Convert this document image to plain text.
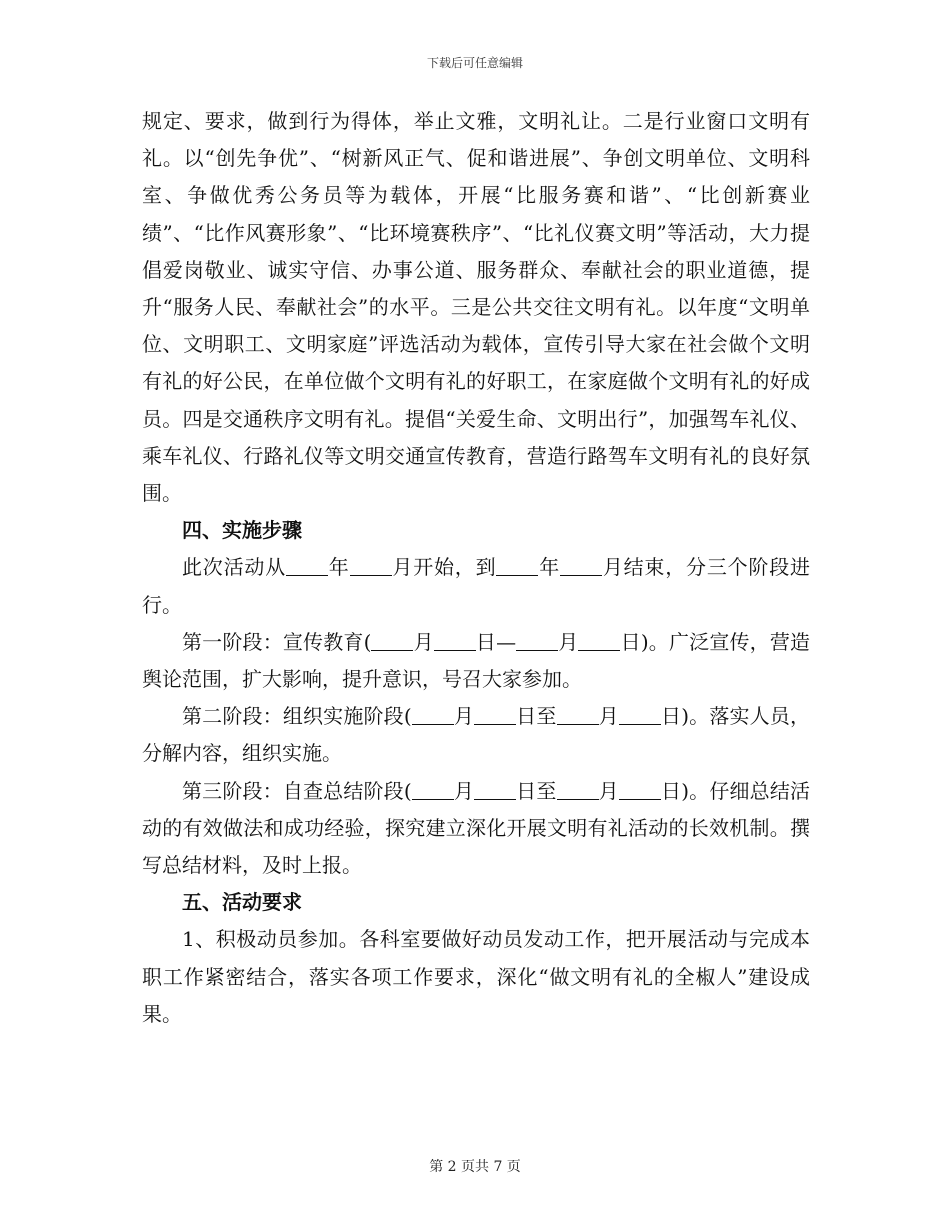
下载后可任意编辑

规定、要求，做到行为得体，举止文雅，文明礼让。二是行业窗口文明有礼。以“创先争优”、“树新风正气、促和谐进展”、争创文明单位、文明科室、争做优秀公务员等为载体，开展“比服务赛和谐”、“比创新赛业绩”、“比作风赛形象”、“比环境赛秩序”、“比礼仪赛文明”等活动，大力提倡爱岗敬业、诚实守信、办事公道、服务群众、奉献社会的职业道德，提升“服务人民、奉献社会”的水平。三是公共交往文明有礼。以年度“文明单位、文明职工、文明家庭”评选活动为载体，宣传引导大家在社会做个文明有礼的好公民，在单位做个文明有礼的好职工，在家庭做个文明有礼的好成员。四是交通秩序文明有礼。提倡“关爱生命、文明出行”，加强驾车礼仪、乘车礼仪、行路礼仪等文明交通宣传教育，营造行路驾车文明有礼的良好氛围。

四、实施步骤

此次活动从 年 月开始，到 年 月结束，分三个阶段进行。

第一阶段：宣传教育( 月 日— 月 日)。广泛宣传，营造舆论范围，扩大影响，提升意识，号召大家参加。

第二阶段：组织实施阶段( 月 日至 月 日)。落实人员，分解内容，组织实施。

第三阶段：自查总结阶段( 月 日至 月 日)。仔细总结活动的有效做法和成功经验，探究建立深化开展文明有礼活动的长效机制。撰写总结材料，及时上报。

五、活动要求

1、积极动员参加。各科室要做好动员发动工作，把开展活动与完成本职工作紧密结合，落实各项工作要求，深化“做文明有礼的全椒人”建设成果。

第 2 页共 7 页
